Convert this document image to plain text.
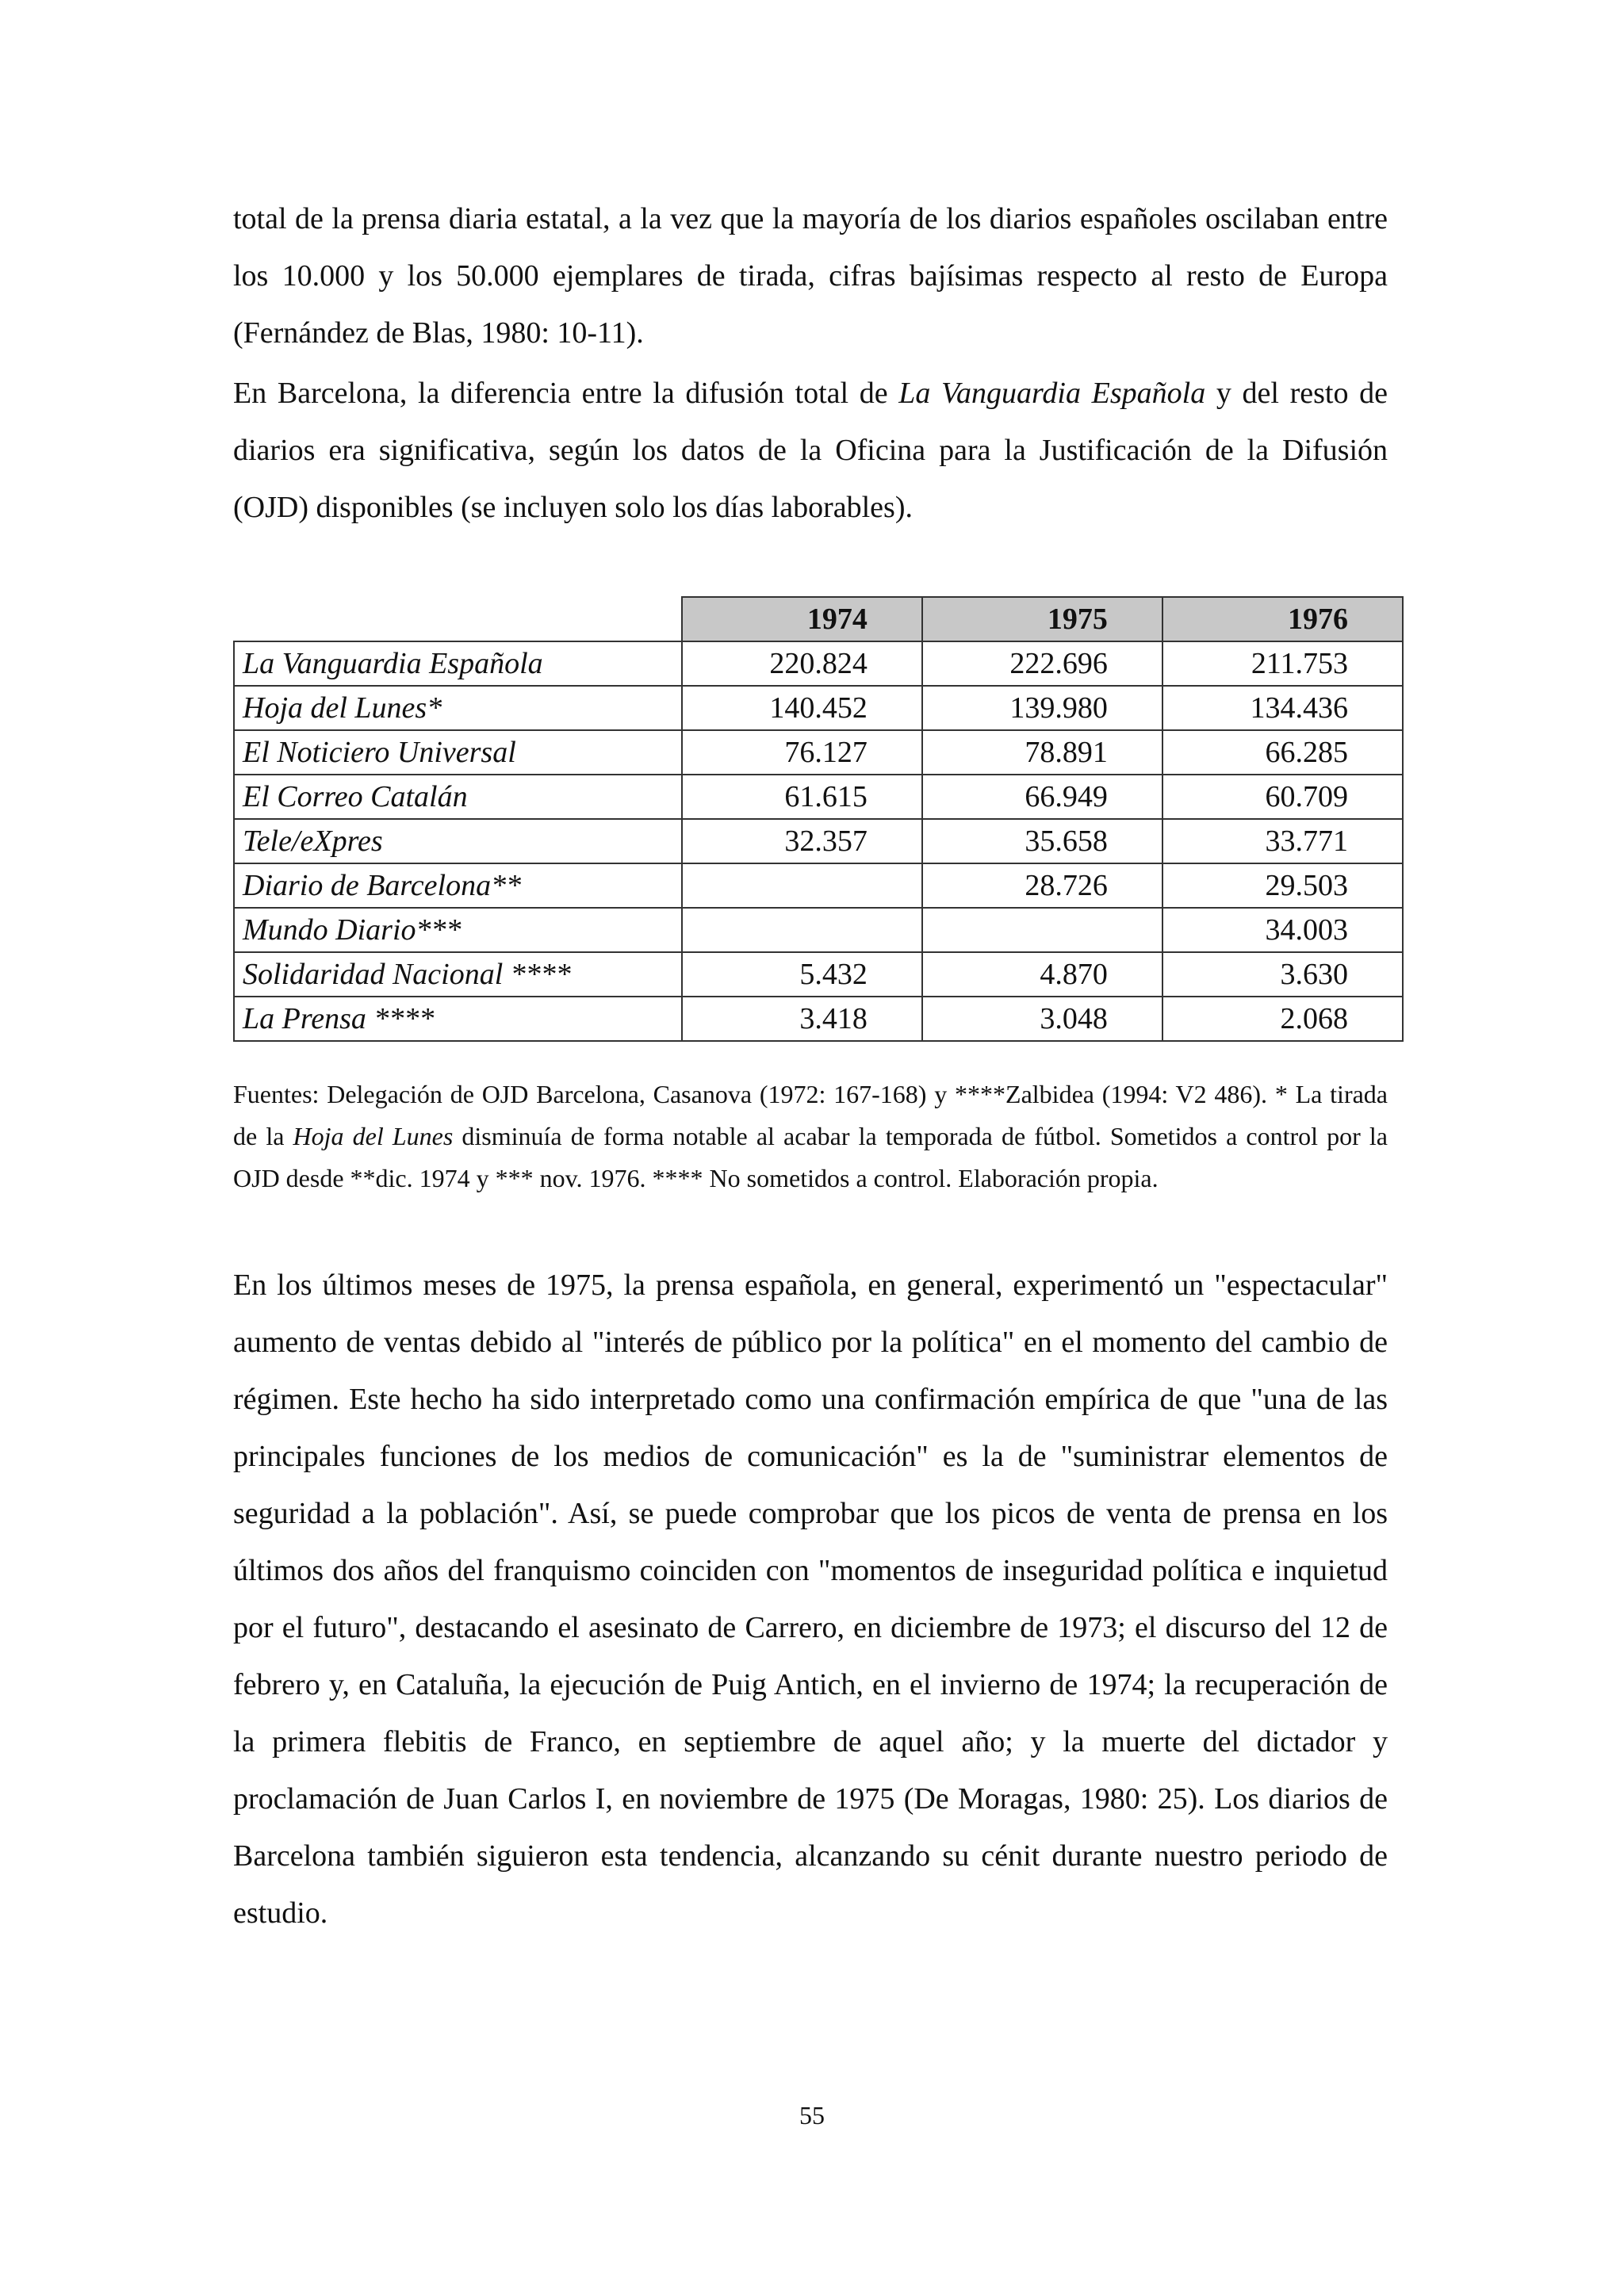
total de la prensa diaria estatal, a la vez que la mayoría de los diarios españoles oscilaban entre los 10.000 y los 50.000 ejemplares de tirada, cifras bajísimas respecto al resto de Europa (Fernández de Blas, 1980: 10-11).

En Barcelona, la diferencia entre la difusión total de La Vanguardia Española y del resto de diarios era significativa, según los datos de la Oficina para la Justificación de la Difusión (OJD) disponibles (se incluyen solo los días laborables).

	1974	1975	1976
La Vanguardia Española	220.824	222.696	211.753
Hoja del Lunes*	140.452	139.980	134.436
El Noticiero Universal	76.127	78.891	66.285
El Correo Catalán	61.615	66.949	60.709
Tele/eXpres	32.357	35.658	33.771
Diario de Barcelona**		28.726	29.503
Mundo Diario***			34.003
Solidaridad Nacional ****	5.432	4.870	3.630
La Prensa ****	3.418	3.048	2.068

Fuentes: Delegación de OJD Barcelona, Casanova (1972: 167-168) y ****Zalbidea (1994: V2 486). * La tirada de la Hoja del Lunes disminuía de forma notable al acabar la temporada de fútbol. Sometidos a control por la OJD desde **dic. 1974 y *** nov. 1976. **** No sometidos a control. Elaboración propia.

En los últimos meses de 1975, la prensa española, en general, experimentó un "espectacular" aumento de ventas debido al "interés de público por la política" en el momento del cambio de régimen. Este hecho ha sido interpretado como una confirmación empírica de que "una de las principales funciones de los medios de comunicación" es la de "suministrar elementos de seguridad a la población". Así, se puede comprobar que los picos de venta de prensa en los últimos dos años del franquismo coinciden con "momentos de inseguridad política e inquietud por el futuro", destacando el asesinato de Carrero, en diciembre de 1973; el discurso del 12 de febrero y, en Cataluña, la ejecución de Puig Antich, en el invierno de 1974; la recuperación de la primera flebitis de Franco, en septiembre de aquel año; y la muerte del dictador y proclamación de Juan Carlos I, en noviembre de 1975 (De Moragas, 1980: 25). Los diarios de Barcelona también siguieron esta tendencia, alcanzando su cénit durante nuestro periodo de estudio.

55
